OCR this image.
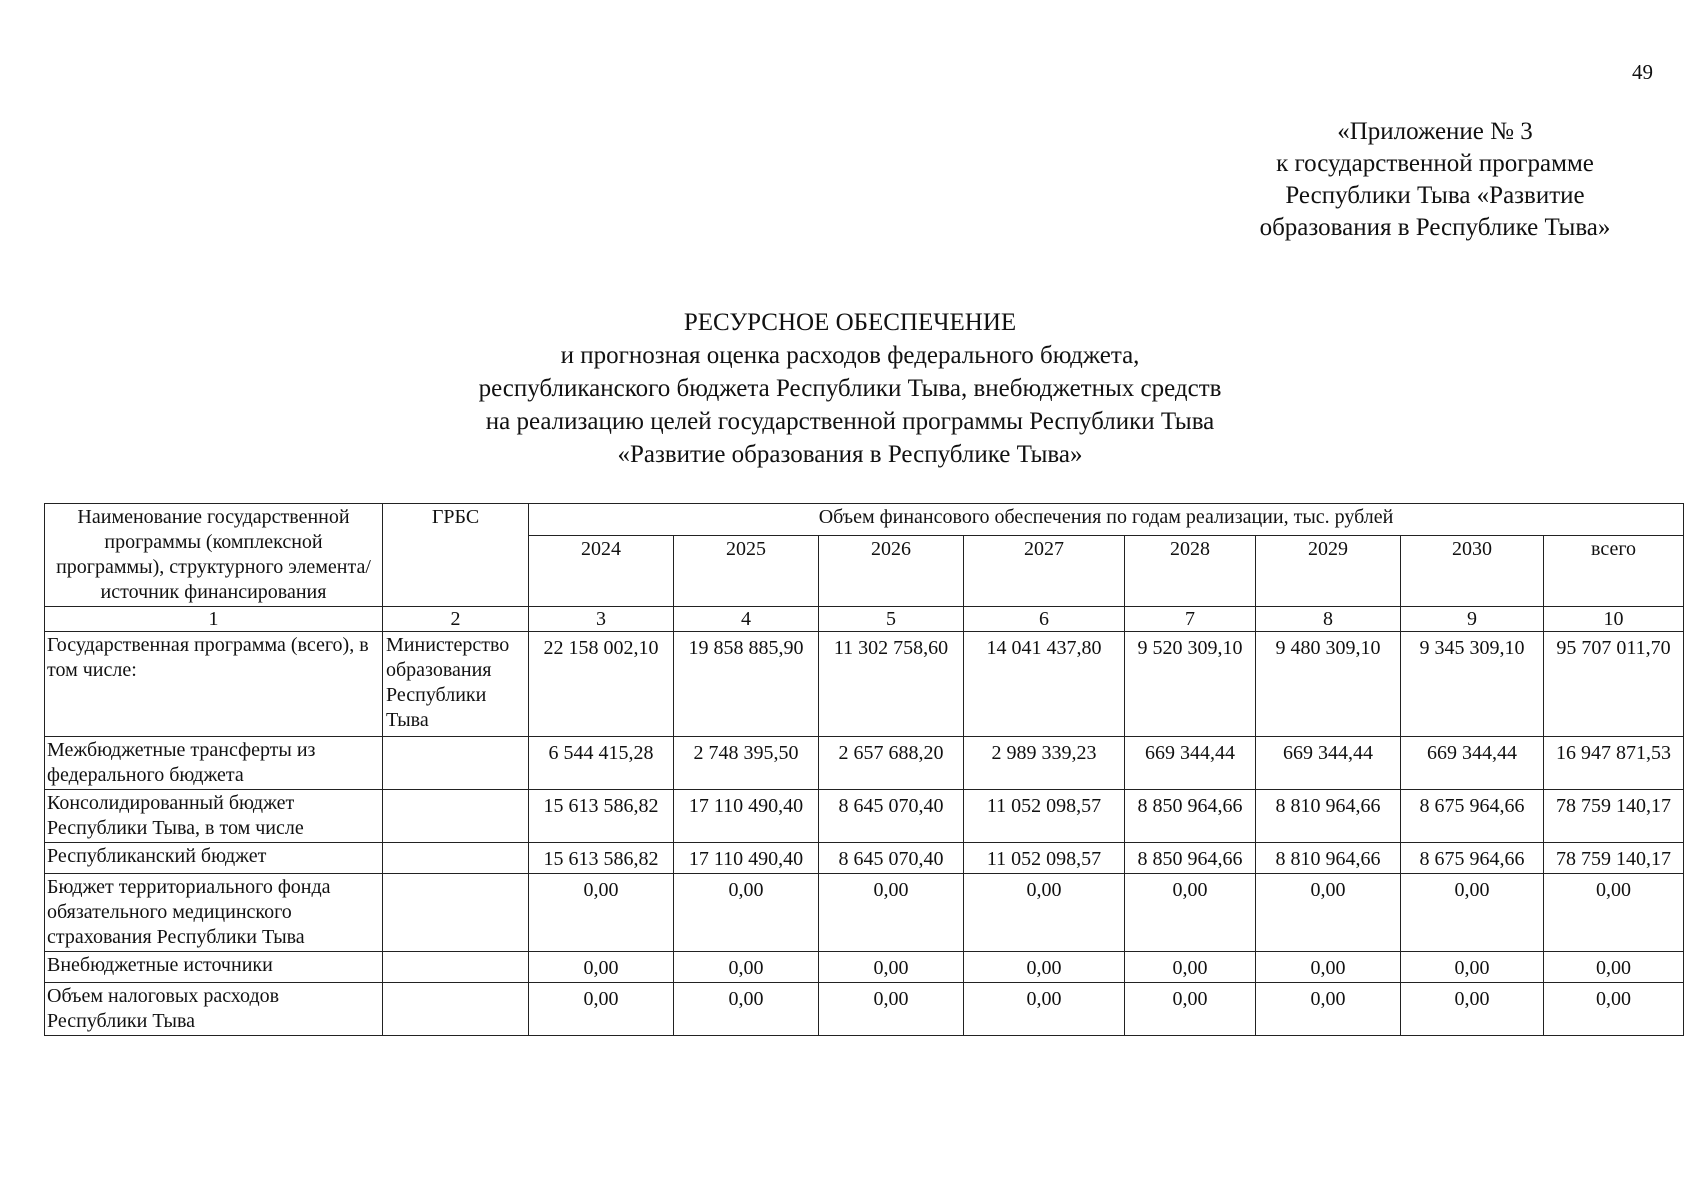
49
«Приложение № 3
к государственной программе
Республики Тыва «Развитие
образования в Республике Тыва»
РЕСУРСНОЕ ОБЕСПЕЧЕНИЕ
и прогнозная оценка расходов федерального бюджета,
республиканского бюджета Республики Тыва, внебюджетных средств
на реализацию целей государственной программы Республики Тыва
«Развитие образования в Республике Тыва»
Наименование государственной программы (комплексной программы), структурного элемента/ источник финансирования	ГРБС	Объем финансового обеспечения по годам реализации, тыс. рублей							
		2024	2025	2026	2027	2028	2029	2030	всего
1	2	3	4	5	6	7	8	9	10
Государственная программа (всего), в том числе:	Министерство образования Республики Тыва	22 158 002,10	19 858 885,90	11 302 758,60	14 041 437,80	9 520 309,10	9 480 309,10	9 345 309,10	95 707 011,70
Межбюджетные трансферты из федерального бюджета		6 544 415,28	2 748 395,50	2 657 688,20	2 989 339,23	669 344,44	669 344,44	669 344,44	16 947 871,53
Консолидированный бюджет Республики Тыва, в том числе		15 613 586,82	17 110 490,40	8 645 070,40	11 052 098,57	8 850 964,66	8 810 964,66	8 675 964,66	78 759 140,17
Республиканский бюджет		15 613 586,82	17 110 490,40	8 645 070,40	11 052 098,57	8 850 964,66	8 810 964,66	8 675 964,66	78 759 140,17
Бюджет территориального фонда обязательного медицинского страхования Республики Тыва		0,00	0,00	0,00	0,00	0,00	0,00	0,00	0,00
Внебюджетные источники		0,00	0,00	0,00	0,00	0,00	0,00	0,00	0,00
Объем налоговых расходов Республики Тыва		0,00	0,00	0,00	0,00	0,00	0,00	0,00	0,00
